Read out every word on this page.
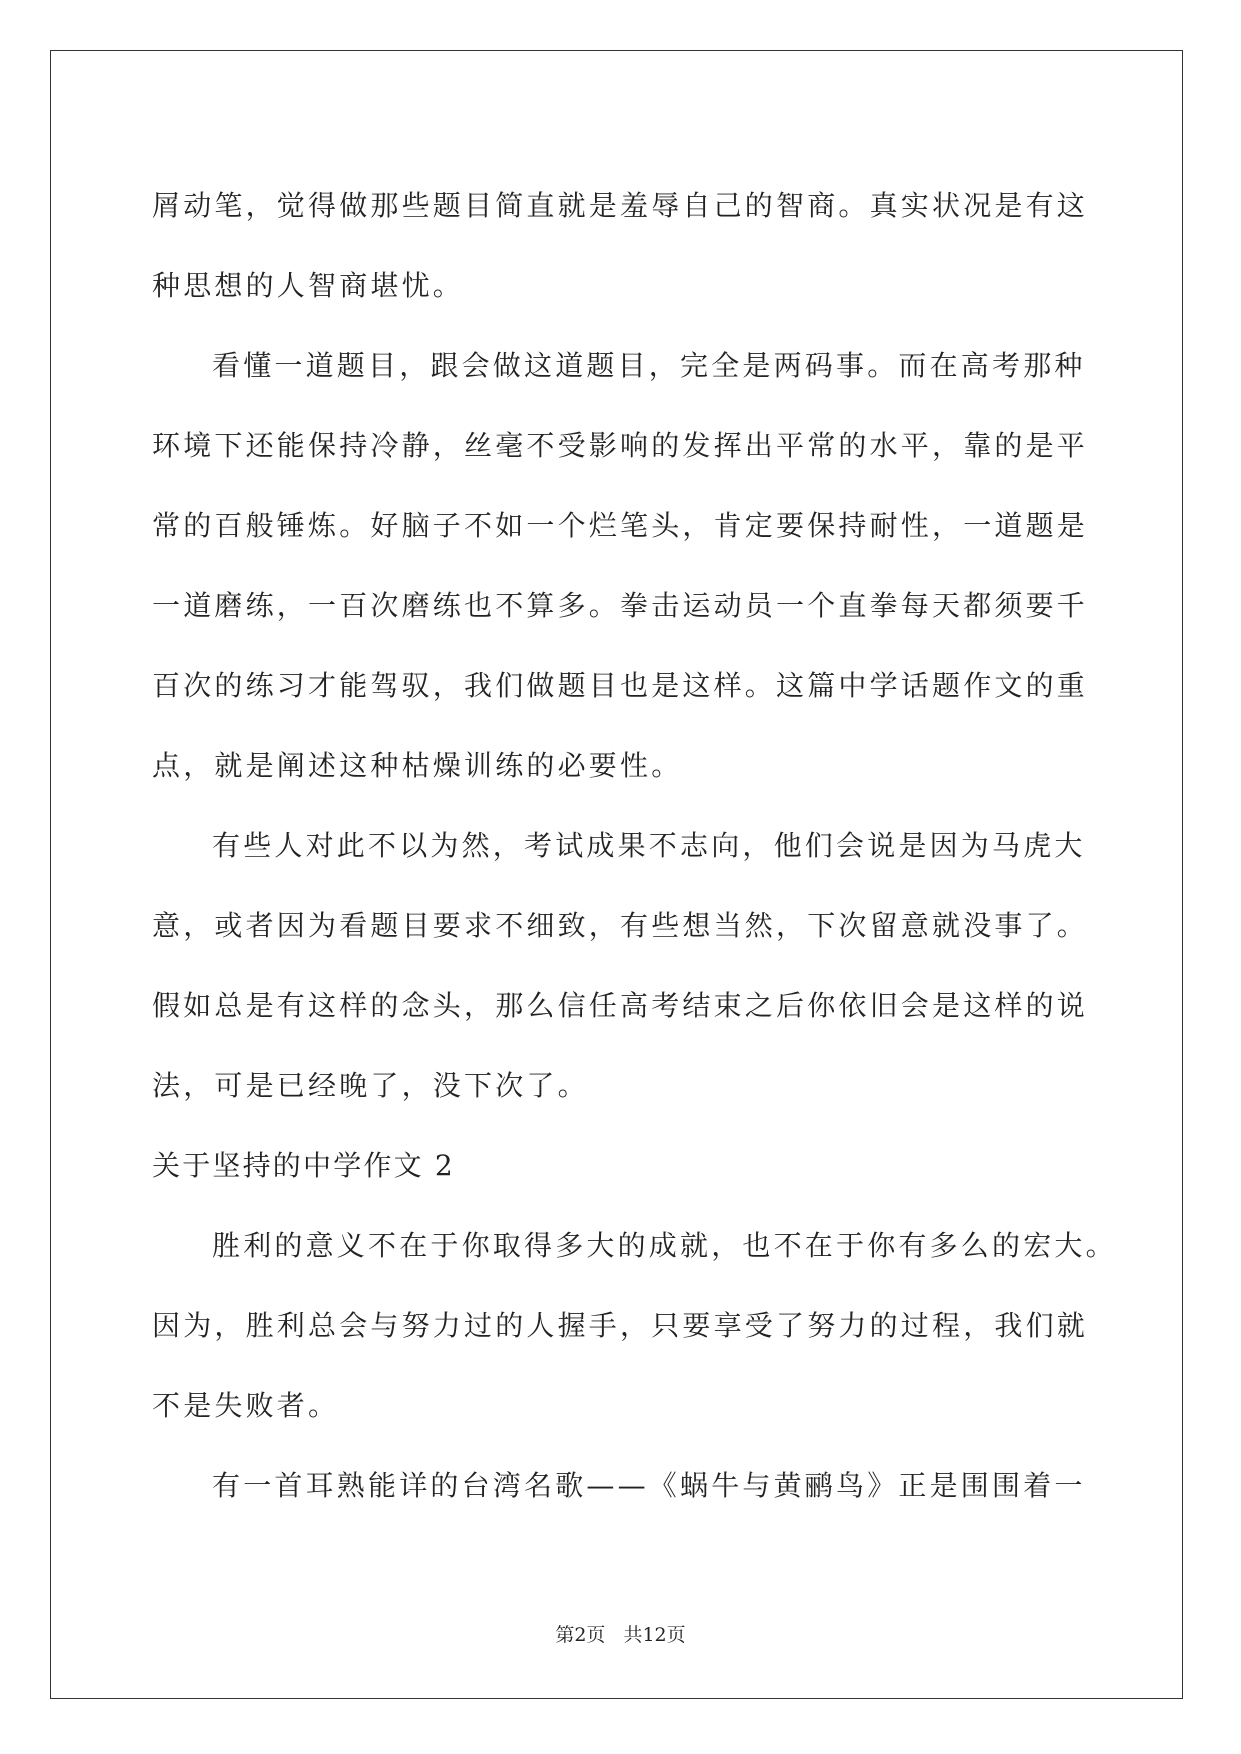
屑动笔，觉得做那些题目简直就是羞辱自己的智商。真实状况是有这
种思想的人智商堪忧。
看懂一道题目，跟会做这道题目，完全是两码事。而在高考那种
环境下还能保持冷静，丝毫不受影响的发挥出平常的水平，靠的是平
常的百般锤炼。好脑子不如一个烂笔头，肯定要保持耐性，一道题是
一道磨练，一百次磨练也不算多。拳击运动员一个直拳每天都须要千
百次的练习才能驾驭，我们做题目也是这样。这篇中学话题作文的重
点，就是阐述这种枯燥训练的必要性。
有些人对此不以为然，考试成果不志向，他们会说是因为马虎大
意，或者因为看题目要求不细致，有些想当然，下次留意就没事了。
假如总是有这样的念头，那么信任高考结束之后你依旧会是这样的说
法，可是已经晚了，没下次了。
关于坚持的中学作文 2
胜利的意义不在于你取得多大的成就，也不在于你有多么的宏大。
因为，胜利总会与努力过的人握手，只要享受了努力的过程，我们就
不是失败者。
有一首耳熟能详的台湾名歌——《蜗牛与黄鹂鸟》正是围围着一
第2页 共12页
